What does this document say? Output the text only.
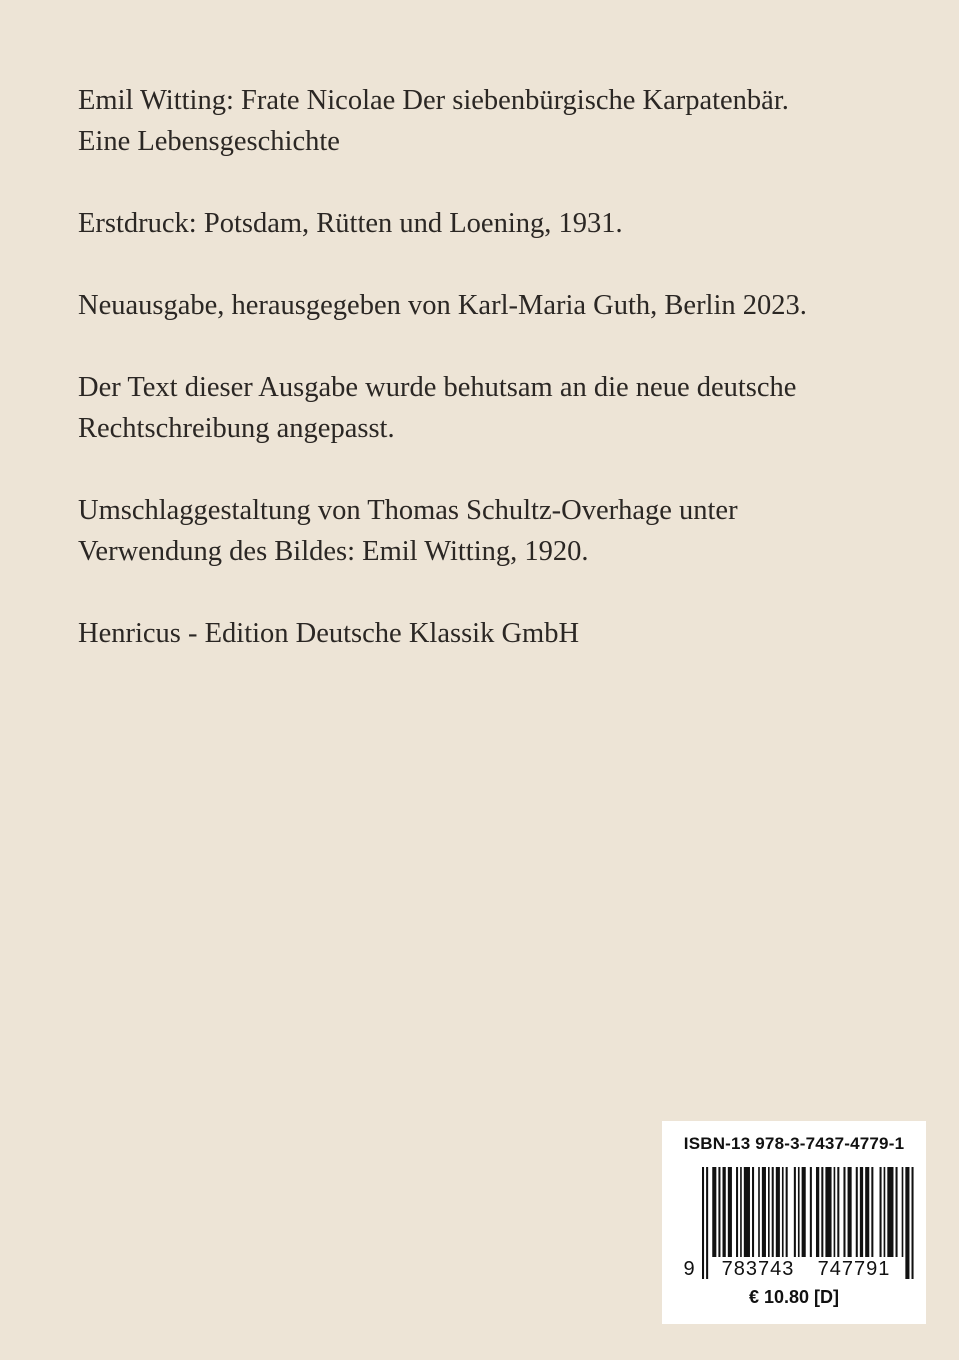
Emil Witting: Frate Nicolae Der siebenbürgische Karpatenbär.
Eine Lebensgeschichte

Erstdruck: Potsdam, Rütten und Loening, 1931.

Neuausgabe, herausgegeben von Karl-Maria Guth, Berlin 2023.

Der Text dieser Ausgabe wurde behutsam an die neue deutsche
Rechtschreibung angepasst.

Umschlaggestaltung von Thomas Schultz-Overhage unter
Verwendung des Bildes: Emil Witting, 1920.

Henricus - Edition Deutsche Klassik GmbH

ISBN-13 978-3-7437-4779-1
9 783743 747791
€ 10.80 [D]
